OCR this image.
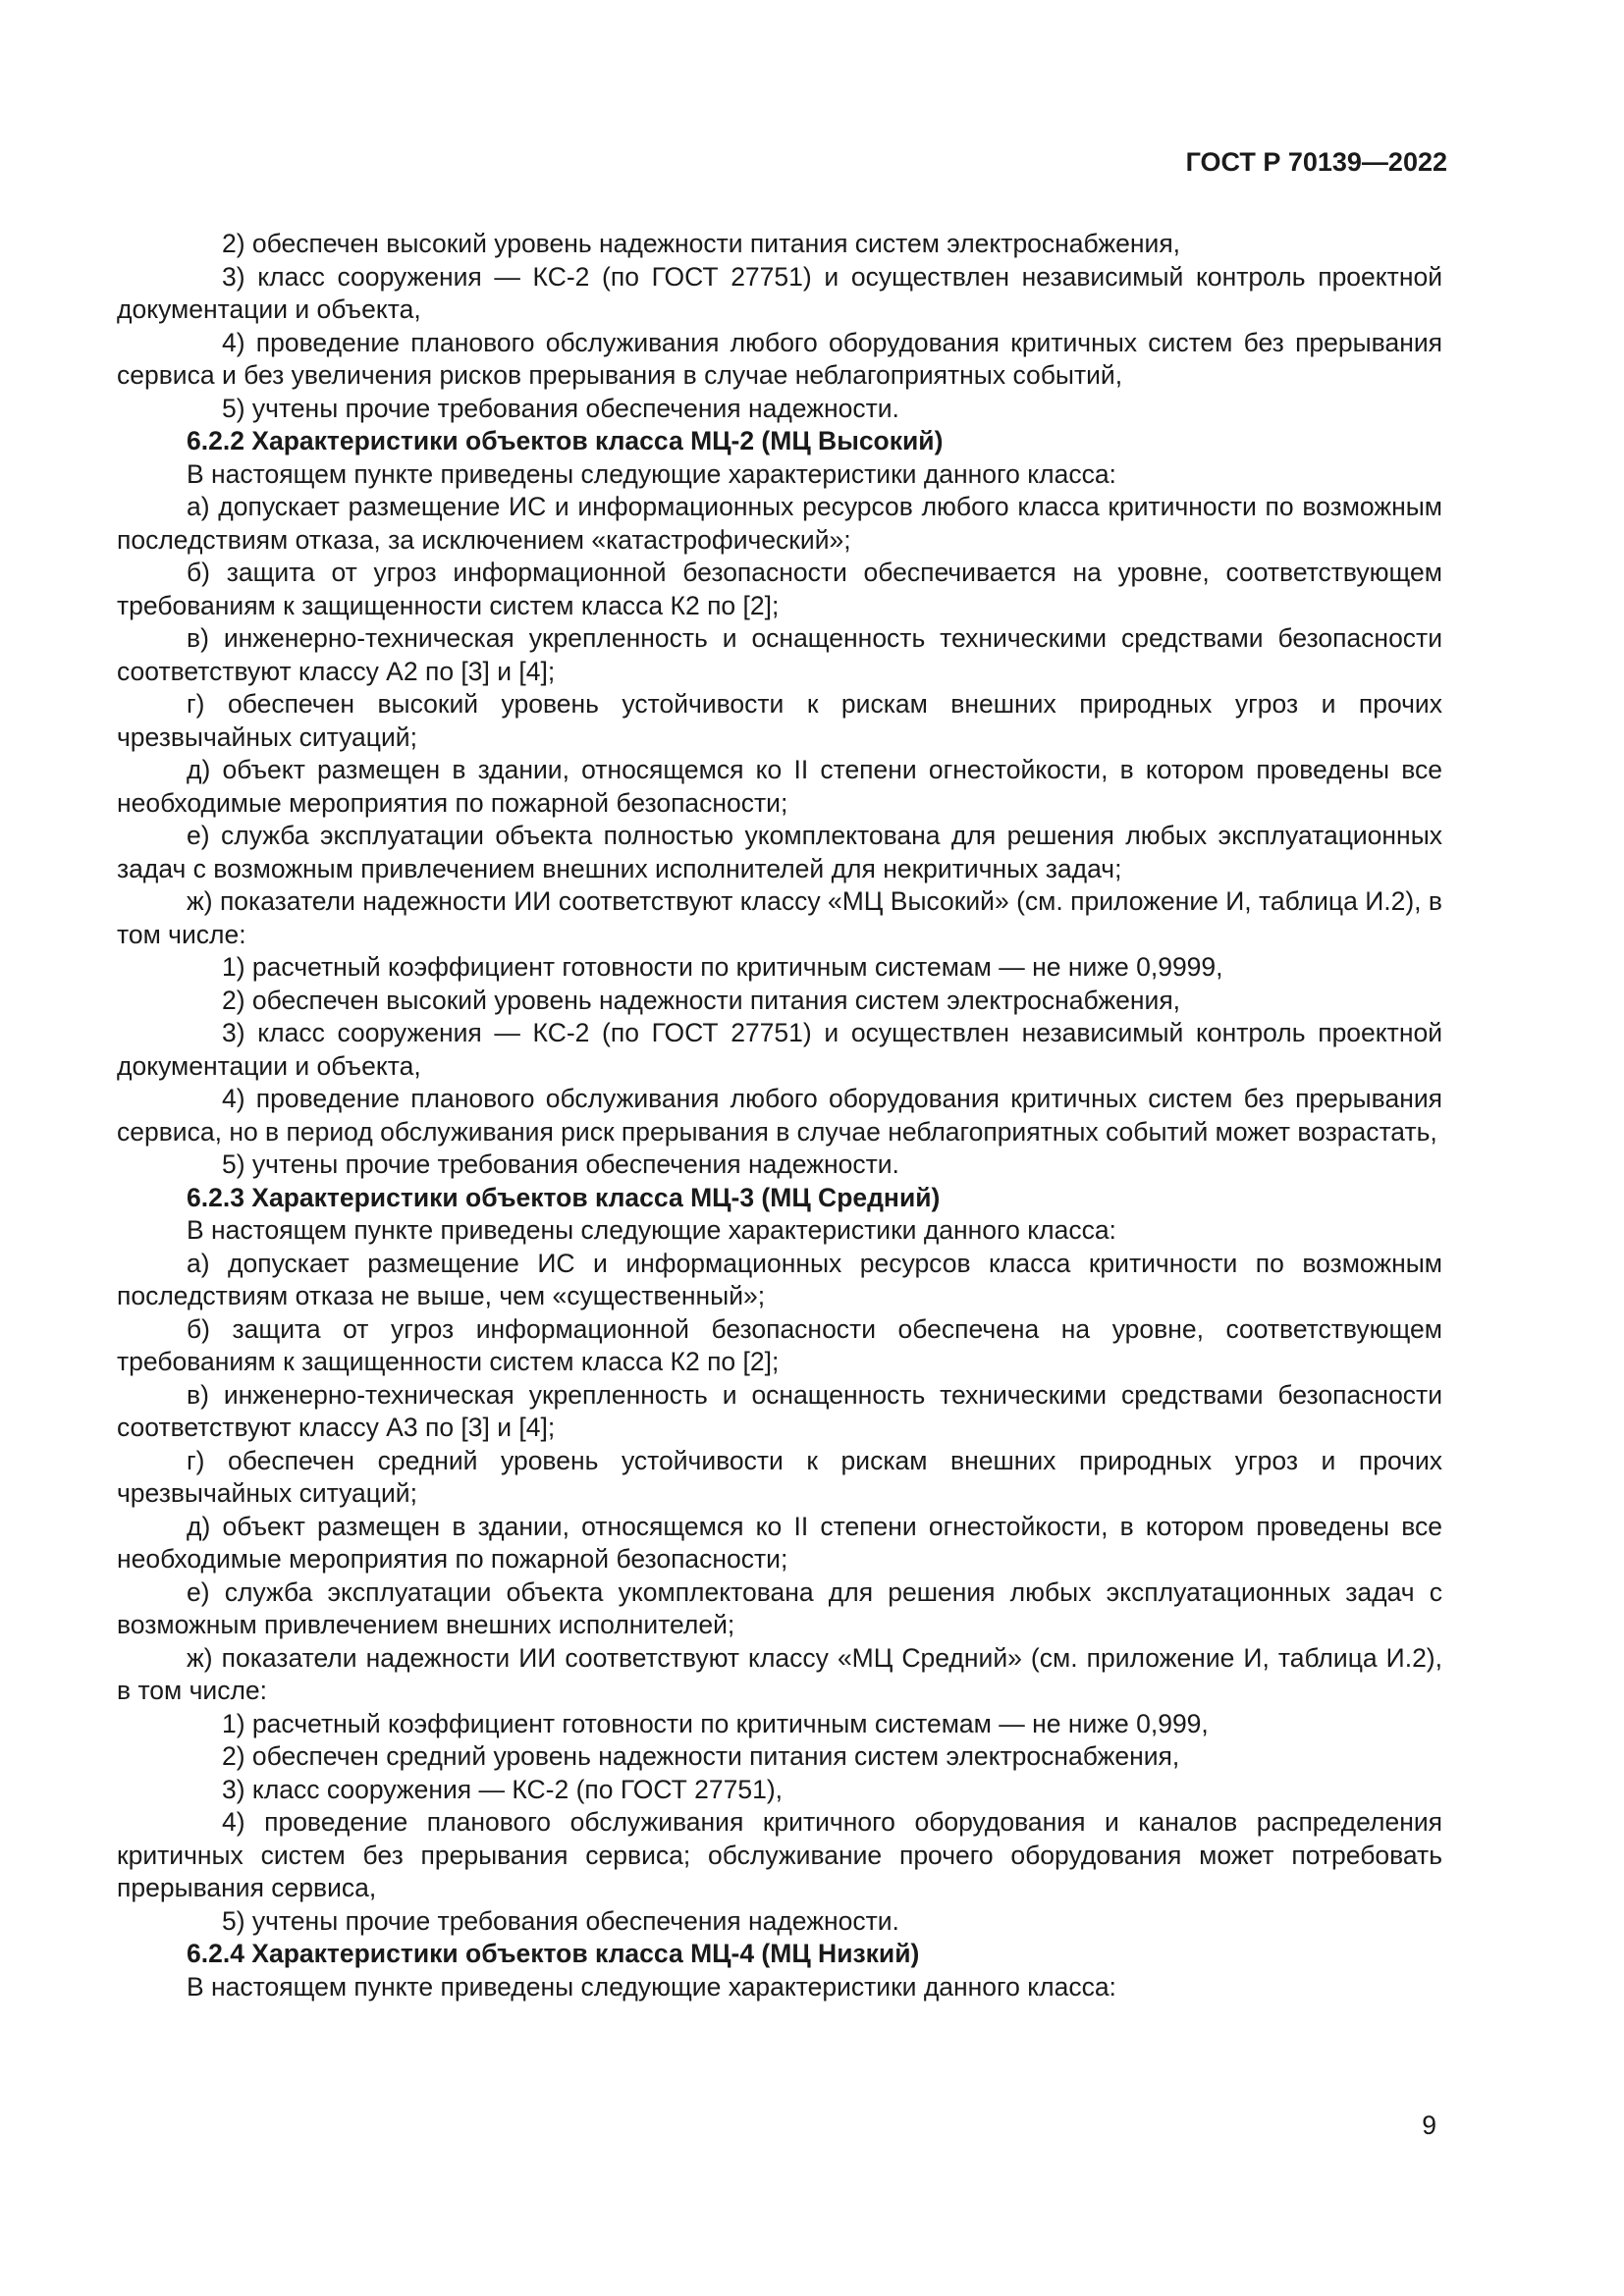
ГОСТ Р 70139—2022

2) обеспечен высокий уровень надежности питания систем электроснабжения,

3) класс сооружения — КС-2 (по ГОСТ 27751) и осуществлен независимый контроль проектной документации и объекта,

4) проведение планового обслуживания любого оборудования критичных систем без прерывания сервиса и без увеличения рисков прерывания в случае неблагоприятных событий,

5) учтены прочие требования обеспечения надежности.

6.2.2 Характеристики объектов класса МЦ-2 (МЦ Высокий)

В настоящем пункте приведены следующие характеристики данного класса:

а) допускает размещение ИС и информационных ресурсов любого класса критичности по возможным последствиям отказа, за исключением «катастрофический»;

б) защита от угроз информационной безопасности обеспечивается на уровне, соответствующем требованиям к защищенности систем класса К2 по [2];

в) инженерно-техническая укрепленность и оснащенность техническими средствами безопасности соответствуют классу А2 по [3] и [4];

г) обеспечен высокий уровень устойчивости к рискам внешних природных угроз и прочих чрезвычайных ситуаций;

д) объект размещен в здании, относящемся ко II степени огнестойкости, в котором проведены все необходимые мероприятия по пожарной безопасности;

е) служба эксплуатации объекта полностью укомплектована для решения любых эксплуатационных задач с возможным привлечением внешних исполнителей для некритичных задач;

ж) показатели надежности ИИ соответствуют классу «МЦ Высокий» (см. приложение И, таблица И.2), в том числе:

1) расчетный коэффициент готовности по критичным системам — не ниже 0,9999,

2) обеспечен высокий уровень надежности питания систем электроснабжения,

3) класс сооружения — КС-2 (по ГОСТ 27751) и осуществлен независимый контроль проектной документации и объекта,

4) проведение планового обслуживания любого оборудования критичных систем без прерывания сервиса, но в период обслуживания риск прерывания в случае неблагоприятных событий может возрастать,

5) учтены прочие требования обеспечения надежности.

6.2.3 Характеристики объектов класса МЦ-3 (МЦ Средний)

В настоящем пункте приведены следующие характеристики данного класса:

а) допускает размещение ИС и информационных ресурсов класса критичности по возможным последствиям отказа не выше, чем «существенный»;

б) защита от угроз информационной безопасности обеспечена на уровне, соответствующем требованиям к защищенности систем класса К2 по [2];

в) инженерно-техническая укрепленность и оснащенность техническими средствами безопасности соответствуют классу А3 по [3] и [4];

г) обеспечен средний уровень устойчивости к рискам внешних природных угроз и прочих чрезвычайных ситуаций;

д) объект размещен в здании, относящемся ко II степени огнестойкости, в котором проведены все необходимые мероприятия по пожарной безопасности;

е) служба эксплуатации объекта укомплектована для решения любых эксплуатационных задач с возможным привлечением внешних исполнителей;

ж) показатели надежности ИИ соответствуют классу «МЦ Средний» (см. приложение И, таблица И.2), в том числе:

1) расчетный коэффициент готовности по критичным системам — не ниже 0,999,

2) обеспечен средний уровень надежности питания систем электроснабжения,

3) класс сооружения — КС-2 (по ГОСТ 27751),

4) проведение планового обслуживания критичного оборудования и каналов распределения критичных систем без прерывания сервиса; обслуживание прочего оборудования может потребовать прерывания сервиса,

5) учтены прочие требования обеспечения надежности.

6.2.4 Характеристики объектов класса МЦ-4 (МЦ Низкий)

В настоящем пункте приведены следующие характеристики данного класса:

9
